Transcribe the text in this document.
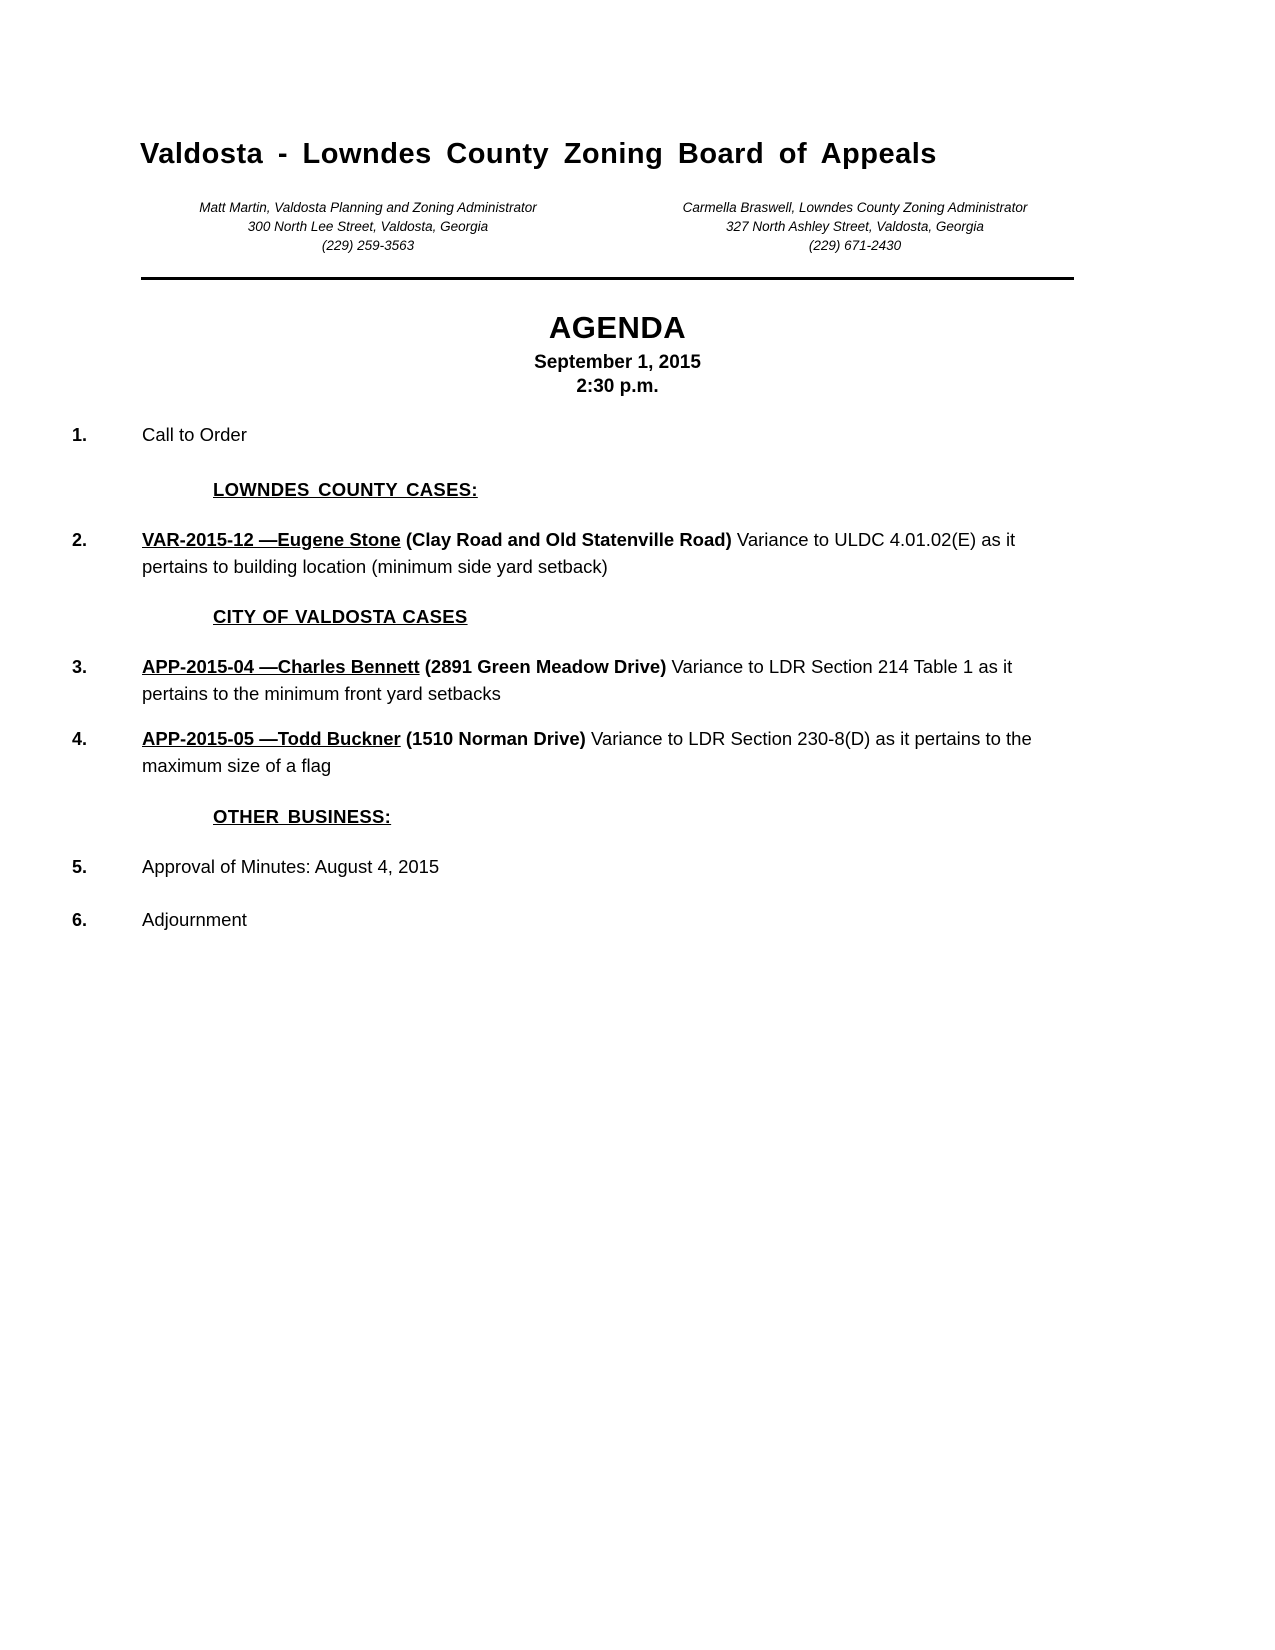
Valdosta - Lowndes County Zoning Board of Appeals
Matt Martin, Valdosta Planning and Zoning Administrator
300 North Lee Street, Valdosta, Georgia
(229) 259-3563
Carmella Braswell, Lowndes County Zoning Administrator
327 North Ashley Street, Valdosta, Georgia
(229) 671-2430
AGENDA
September 1, 2015
2:30 p.m.
1.	Call to Order
LOWNDES COUNTY CASES:
2.	VAR-2015-12 —Eugene Stone (Clay Road and Old Statenville Road) Variance to ULDC 4.01.02(E) as it pertains to building location (minimum side yard setback)
CITY OF VALDOSTA CASES
3.	APP-2015-04 —Charles Bennett (2891 Green Meadow Drive) Variance to LDR Section 214 Table 1 as it pertains to the minimum front yard setbacks
4.	APP-2015-05 —Todd Buckner (1510 Norman Drive) Variance to LDR Section 230-8(D) as it pertains to the maximum size of a flag
OTHER BUSINESS:
5.	Approval of Minutes: August 4, 2015
6.	Adjournment
